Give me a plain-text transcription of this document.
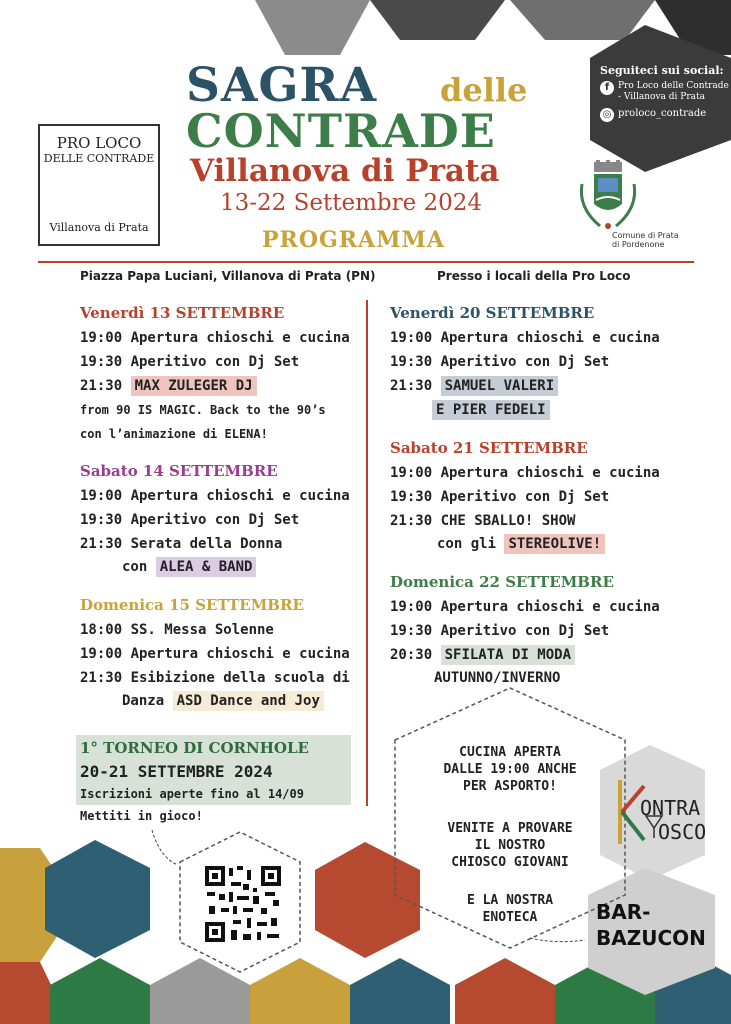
SAGRA delle
CONTRADE
Villanova di Prata
13-22 Settembre 2024
PROGRAMMA
PRO LOCO
DELLE CONTRADE
Villanova di Prata
Seguiteci sui social:
f Pro Loco delle Contrade
- Villanova di Prata
◎ proloco_contrade
Comune di Prata
di Pordenone
Piazza Papa Luciani, Villanova di Prata (PN)	Presso i locali della Pro Loco
Venerdì 13 SETTEMBRE
19:00 Apertura chioschi e cucina
19:30 Aperitivo con Dj Set
21:30 MAX ZULEGER DJ
from 90 IS MAGIC. Back to the 90’s
con l’animazione di ELENA!
Sabato 14 SETTEMBRE
19:00 Apertura chioschi e cucina
19:30 Aperitivo con Dj Set
21:30 Serata della Donna
con ALEA & BAND
Domenica 15 SETTEMBRE
18:00 SS. Messa Solenne
19:00 Apertura chioschi e cucina
21:30 Esibizione della scuola di
Danza ASD Dance and Joy
1° TORNEO DI CORNHOLE
20-21 SETTEMBRE 2024
Iscrizioni aperte fino al 14/09
Mettiti in gioco!
Venerdì 20 SETTEMBRE
19:00 Apertura chioschi e cucina
19:30 Aperitivo con Dj Set
21:30 SAMUEL VALERI
E PIER FEDELI
Sabato 21 SETTEMBRE
19:00 Apertura chioschi e cucina
19:30 Aperitivo con Dj Set
21:30 CHE SBALLO! SHOW
con gli STEREOLIVE!
Domenica 22 SETTEMBRE
19:00 Apertura chioschi e cucina
19:30 Aperitivo con Dj Set
20:30 SFILATA DI MODA
AUTUNNO/INVERNO
CUCINA APERTA
DALLE 19:00 ANCHE
PER ASPORTO!
VENITE A PROVARE
IL NOSTRO
CHIOSCO GIOVANI
E LA NOSTRA
ENOTECA
ONTRA
OSCO
BAR-
BAZUCON
